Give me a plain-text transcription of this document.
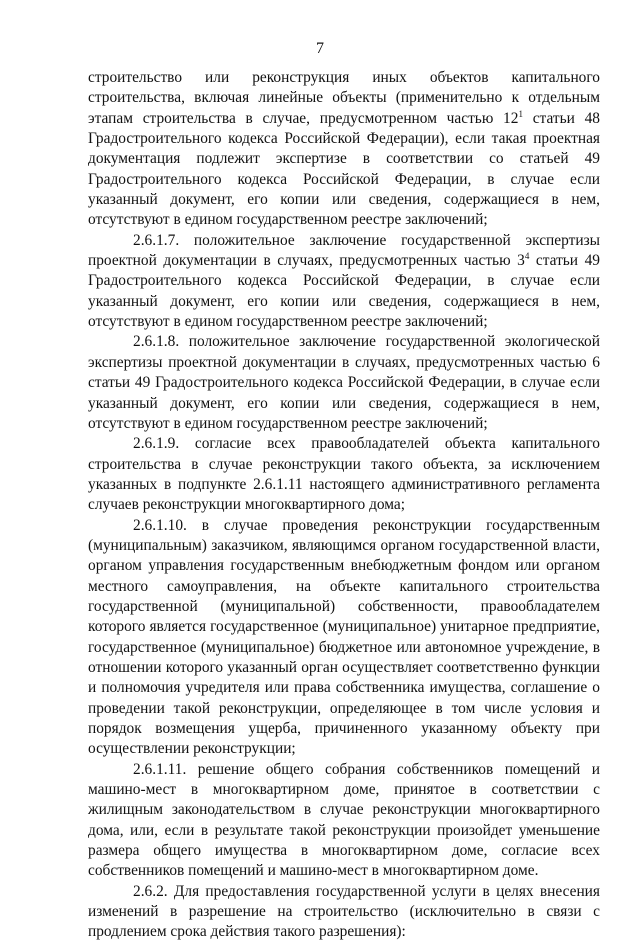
7

строительство или реконструкция иных объектов капитального строительства, включая линейные объекты (применительно к отдельным этапам строительства в случае, предусмотренном частью $12^1$ статьи 48 Градостроительного кодекса Российской Федерации), если такая проектная документация подлежит экспертизе в соответствии со статьей 49 Градостроительного кодекса Российской Федерации, в случае если указанный документ, его копии или сведения, содержащиеся в нем, отсутствуют в едином государственном реестре заключений;

2.6.1.7. положительное заключение государственной экспертизы проектной документации в случаях, предусмотренных частью $3^4$ статьи 49 Градостроительного кодекса Российской Федерации, в случае если указанный документ, его копии или сведения, содержащиеся в нем, отсутствуют в едином государственном реестре заключений;

2.6.1.8. положительное заключение государственной экологической экспертизы проектной документации в случаях, предусмотренных частью 6 статьи 49 Градостроительного кодекса Российской Федерации, в случае если указанный документ, его копии или сведения, содержащиеся в нем, отсутствуют в едином государственном реестре заключений;

2.6.1.9. согласие всех правообладателей объекта капитального строительства в случае реконструкции такого объекта, за исключением указанных в подпункте 2.6.1.11 настоящего административного регламента случаев реконструкции многоквартирного дома;

2.6.1.10. в случае проведения реконструкции государственным (муниципальным) заказчиком, являющимся органом государственной власти, органом управления государственным внебюджетным фондом или органом местного самоуправления, на объекте капитального строительства государственной (муниципальной) собственности, правообладателем которого является государственное (муниципальное) унитарное предприятие, государственное (муниципальное) бюджетное или автономное учреждение, в отношении которого указанный орган осуществляет соответственно функции и полномочия учредителя или права собственника имущества, соглашение о проведении такой реконструкции, определяющее в том числе условия и порядок возмещения ущерба, причиненного указанному объекту при осуществлении реконструкции;

2.6.1.11. решение общего собрания собственников помещений и машино-мест в многоквартирном доме, принятое в соответствии с жилищным законодательством в случае реконструкции многоквартирного дома, или, если в результате такой реконструкции произойдет уменьшение размера общего имущества в многоквартирном доме, согласие всех собственников помещений и машино-мест в многоквартирном доме.

2.6.2. Для предоставления государственной услуги в целях внесения изменений в разрешение на строительство (исключительно в связи с продлением срока действия такого разрешения):
